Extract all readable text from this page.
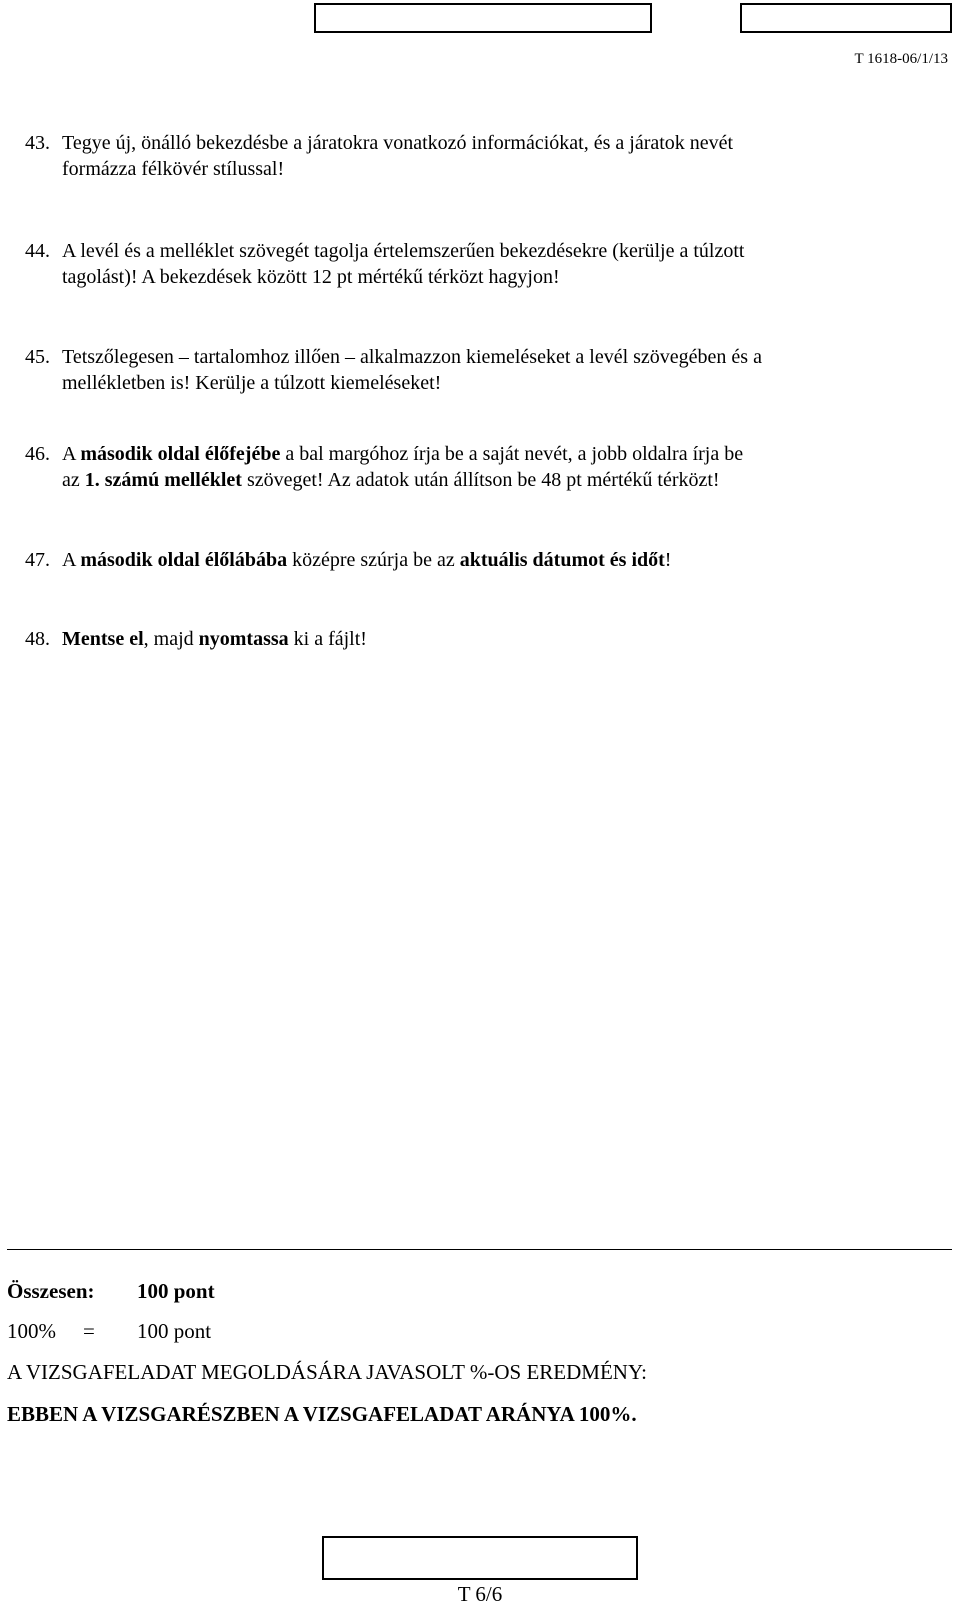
T 1618-06/1/13
43. Tegye új, önálló bekezdésbe a járatokra vonatkozó információkat, és a járatok nevét
formázza félkövér stílussal!
44. A levél és a melléklet szövegét tagolja értelemszerűen bekezdésekre (kerülje a túlzott
tagolást)! A bekezdések között 12 pt mértékű térközt hagyjon!
45. Tetszőlegesen – tartalomhoz illően – alkalmazzon kiemeléseket a levél szövegében és a
mellékletben is! Kerülje a túlzott kiemeléseket!
46. A második oldal élőfejébe a bal margóhoz írja be a saját nevét, a jobb oldalra írja be
az 1. számú melléklet szöveget! Az adatok után állítson be 48 pt mértékű térközt!
47. A második oldal élőlábába középre szúrja be az aktuális dátumot és időt!
48. Mentse el, majd nyomtassa ki a fájlt!
Összesen: 100 pont
100% = 100 pont
A VIZSGAFELADAT MEGOLDÁSÁRA JAVASOLT %-OS EREDMÉNY:
EBBEN A VIZSGARÉSZBEN A VIZSGAFELADAT ARÁNYA 100%.
T 6/6
